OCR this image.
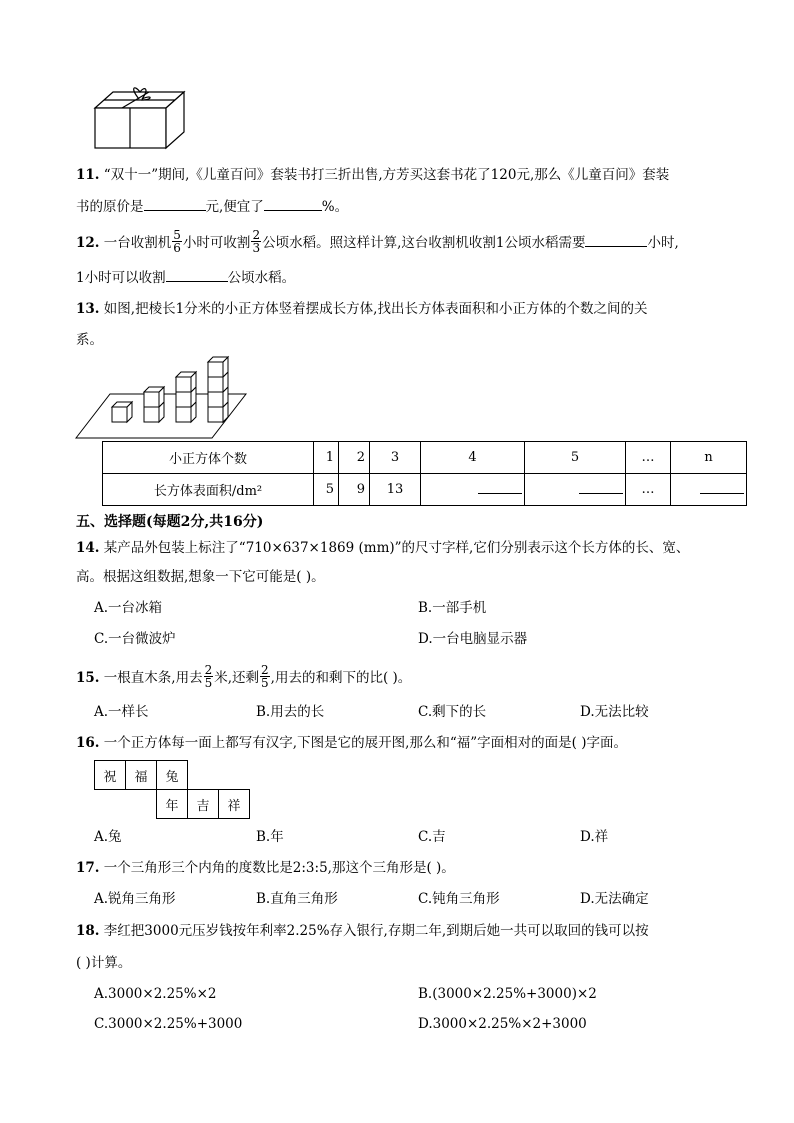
11. “双十一”期间,《儿童百问》套装书打三折出售,方芳买这套书花了120元,那么《儿童百问》套装
书的原价是	元,便宜了	%。
12. 一台收割机 $\frac{5}{6}$ 小时可收割 $\frac{2}{3}$ 公顷水稻。照这样计算,这台收割机收割1公顷水稻需要	小时,
1小时可以收割	公顷水稻。
13. 如图,把棱长1分米的小正方体竖着摆成长方体,找出长方体表面积和小正方体的个数之间的关
系。
小正方体个数	1	2	3	4	5	…	n
长方体表面积/dm²	5	9	13			…	
五、选择题(每题2分,共16分)
14. 某产品外包装上标注了“710×637×1869 (mm)”的尺寸字样,它们分别表示这个长方体的长、宽、
高。根据这组数据,想象一下它可能是( )。
A.一台冰箱	B.一部手机
C.一台微波炉	D.一台电脑显示器
15. 一根直木条,用去 $\frac{2}{5}$ 米,还剩 $\frac{2}{5}$ ,用去的和剩下的比( )。
A.一样长	B.用去的长	C.剩下的长	D.无法比较
16. 一个正方体每一面上都写有汉字,下图是它的展开图,那么和“福”字面相对的面是( )字面。
祝	福	兔		
		年	吉	祥
A.兔	B.年	C.吉	D.祥
17. 一个三角形三个内角的度数比是2:3:5,那这个三角形是( )。
A.锐角三角形	B.直角三角形	C.钝角三角形	D.无法确定
18. 李红把3000元压岁钱按年利率2.25%存入银行,存期二年,到期后她一共可以取回的钱可以按
( )计算。
A.3000×2.25%×2	B.(3000×2.25%+3000)×2
C.3000×2.25%+3000	D.3000×2.25%×2+3000
